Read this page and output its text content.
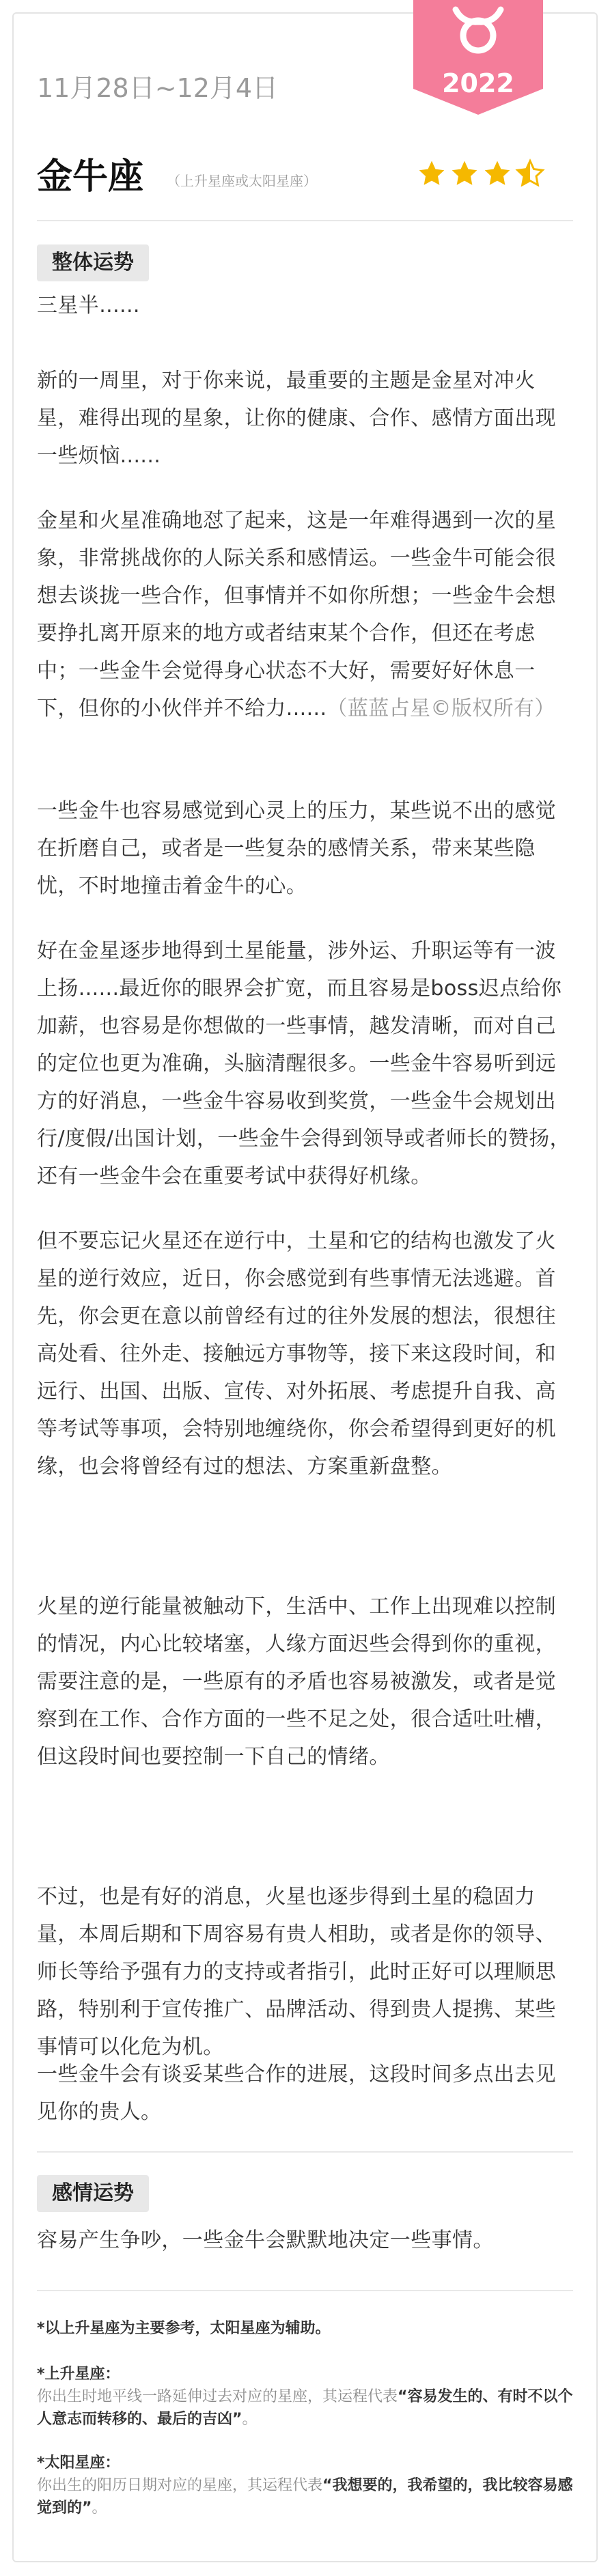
2022
11月28日~12月4日
金牛座 （上升星座或太阳星座）
整体运势

三星半......

新的一周里，对于你来说，最重要的主题是金星对冲火星，难得出现的星象，让你的健康、合作、感情方面出现一些烦恼......

金星和火星准确地怼了起来，这是一年难得遇到一次的星象，非常挑战你的人际关系和感情运。一些金牛可能会很想去谈拢一些合作，但事情并不如你所想；一些金牛会想要挣扎离开原来的地方或者结束某个合作，但还在考虑中；一些金牛会觉得身心状态不大好，需要好好休息一下，但你的小伙伴并不给力......（蓝蓝占星©版权所有）

一些金牛也容易感觉到心灵上的压力，某些说不出的感觉在折磨自己，或者是一些复杂的感情关系，带来某些隐忧，不时地撞击着金牛的心。

好在金星逐步地得到土星能量，涉外运、升职运等有一波上扬......最近你的眼界会扩宽，而且容易是boss迟点给你加薪，也容易是你想做的一些事情，越发清晰，而对自己的定位也更为准确，头脑清醒很多。一些金牛容易听到远方的好消息，一些金牛容易收到奖赏，一些金牛会规划出行/度假/出国计划，一些金牛会得到领导或者师长的赞扬，还有一些金牛会在重要考试中获得好机缘。

但不要忘记火星还在逆行中，土星和它的结构也激发了火星的逆行效应，近日，你会感觉到有些事情无法逃避。首先，你会更在意以前曾经有过的往外发展的想法，很想往高处看、往外走、接触远方事物等，接下来这段时间，和远行、出国、出版、宣传、对外拓展、考虑提升自我、高等考试等事项，会特别地缠绕你，你会希望得到更好的机缘，也会将曾经有过的想法、方案重新盘整。

火星的逆行能量被触动下，生活中、工作上出现难以控制的情况，内心比较堵塞，人缘方面迟些会得到你的重视，需要注意的是，一些原有的矛盾也容易被激发，或者是觉察到在工作、合作方面的一些不足之处，很合适吐吐槽，但这段时间也要控制一下自己的情绪。

不过，也是有好的消息，火星也逐步得到土星的稳固力量，本周后期和下周容易有贵人相助，或者是你的领导、师长等给予强有力的支持或者指引，此时正好可以理顺思路，特别利于宣传推广、品牌活动、得到贵人提携、某些事情可以化危为机。

一些金牛会有谈妥某些合作的进展，这段时间多点出去见见你的贵人。

感情运势

容易产生争吵，一些金牛会默默地决定一些事情。

*以上升星座为主要参考，太阳星座为辅助。

*上升星座：
你出生时地平线一路延伸过去对应的星座，其运程代表“容易发生的、有时不以个人意志而转移的、最后的吉凶”。

*太阳星座：
你出生的阳历日期对应的星座，其运程代表“我想要的，我希望的，我比较容易感觉到的”。
